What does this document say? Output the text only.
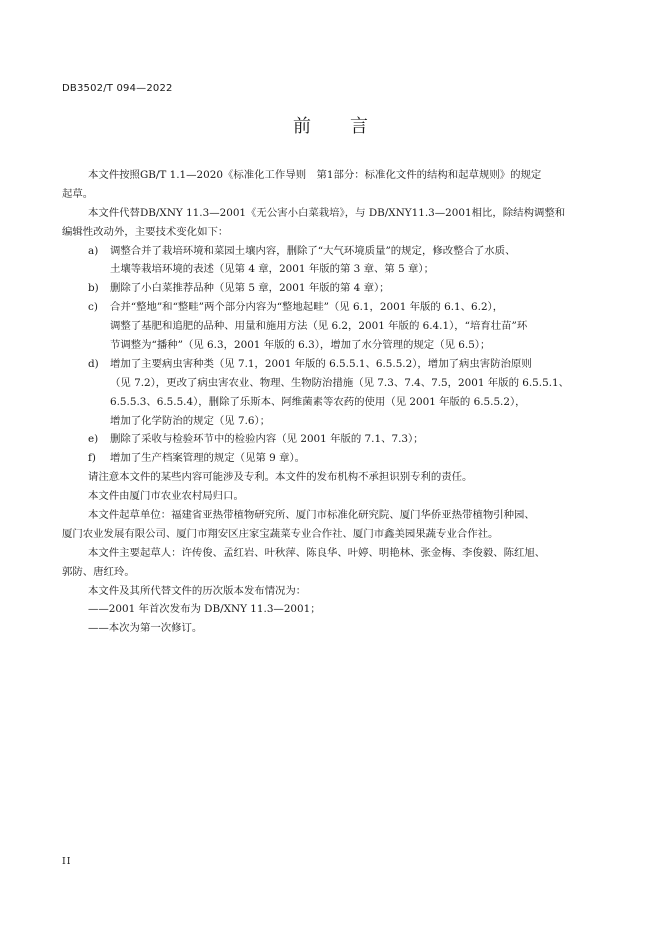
DB3502/T 094—2022
前　　言
本文件按照GB/T 1.1—2020《标准化工作导则　第1部分：标准化文件的结构和起草规则》的规定
起草。
本文件代替DB/XNY 11.3—2001《无公害小白菜栽培》，与 DB/XNY11.3—2001相比，除结构调整和
编辑性改动外，主要技术变化如下：
a) 调整合并了栽培环境和菜园土壤内容，删除了“大气环境质量”的规定，修改整合了水质、
土壤等栽培环境的表述（见第 4 章，2001 年版的第 3 章、第 5 章）；
b) 删除了小白菜推荐品种（见第 5 章，2001 年版的第 4 章）；
c) 合并“整地”和“整畦”两个部分内容为“整地起畦”（见 6.1，2001 年版的 6.1、6.2），
调整了基肥和追肥的品种、用量和施用方法（见 6.2，2001 年版的 6.4.1），“培育壮苗”环
节调整为“播种”（见 6.3，2001 年版的 6.3），增加了水分管理的规定（见 6.5）；
d) 增加了主要病虫害种类（见 7.1，2001 年版的 6.5.5.1、6.5.5.2），增加了病虫害防治原则
（见 7.2），更改了病虫害农业、物理、生物防治措施（见 7.3、7.4、7.5，2001 年版的 6.5.5.1、
6.5.5.3、6.5.5.4），删除了乐斯本、阿维菌素等农药的使用（见 2001 年版的 6.5.5.2），
增加了化学防治的规定（见 7.6）；
e) 删除了采收与检验环节中的检验内容（见 2001 年版的 7.1、7.3）；
f) 增加了生产档案管理的规定（见第 9 章）。
请注意本文件的某些内容可能涉及专利。本文件的发布机构不承担识别专利的责任。
本文件由厦门市农业农村局归口。
本文件起草单位：福建省亚热带植物研究所、厦门市标准化研究院、厦门华侨亚热带植物引种园、
厦门农业发展有限公司、厦门市翔安区庄家宝蔬菜专业合作社、厦门市鑫美园果蔬专业合作社。
本文件主要起草人：许传俊、孟红岩、叶秋萍、陈良华、叶婷、明艳林、张金梅、李俊毅、陈红旭、
郭防、唐红玲。
本文件及其所代替文件的历次版本发布情况为：
——2001 年首次发布为 DB/XNY 11.3—2001；
——本次为第一次修订。
II
